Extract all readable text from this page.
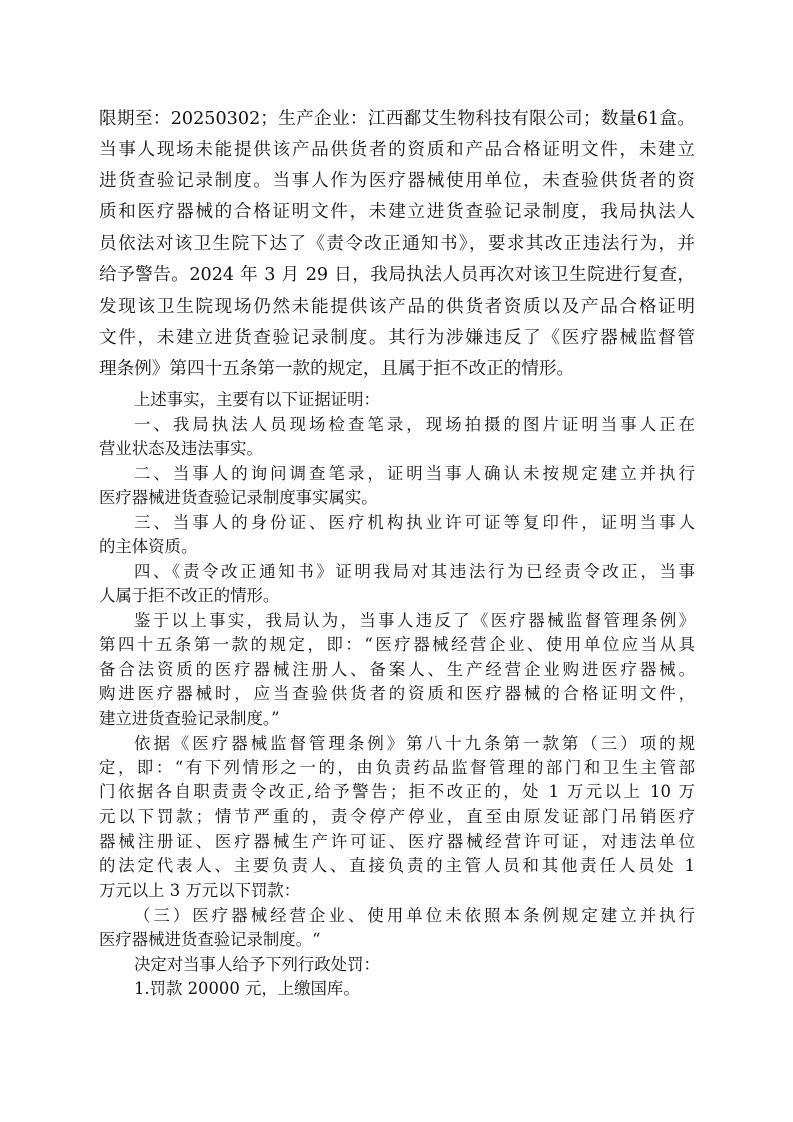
限期至：20250302；生产企业：江西鄱艾生物科技有限公司；数量61盒。
当事人现场未能提供该产品供货者的资质和产品合格证明文件，未建立
进货查验记录制度。当事人作为医疗器械使用单位，未查验供货者的资
质和医疗器械的合格证明文件，未建立进货查验记录制度，我局执法人
员依法对该卫生院下达了《责令改正通知书》，要求其改正违法行为，并
给予警告。2024 年 3 月 29 日，我局执法人员再次对该卫生院进行复查，
发现该卫生院现场仍然未能提供该产品的供货者资质以及产品合格证明
文件，未建立进货查验记录制度。其行为涉嫌违反了《医疗器械监督管
理条例》第四十五条第一款的规定，且属于拒不改正的情形。
上述事实，主要有以下证据证明：
一、我局执法人员现场检查笔录，现场拍摄的图片证明当事人正在
营业状态及违法事实。
二、当事人的询问调查笔录，证明当事人确认未按规定建立并执行
医疗器械进货查验记录制度事实属实。
三、当事人的身份证、医疗机构执业许可证等复印件，证明当事人
的主体资质。
四、《责令改正通知书》证明我局对其违法行为已经责令改正，当事
人属于拒不改正的情形。
鉴于以上事实，我局认为，当事人违反了《医疗器械监督管理条例》
第四十五条第一款的规定，即：“医疗器械经营企业、使用单位应当从具
备合法资质的医疗器械注册人、备案人、生产经营企业购进医疗器械。
购进医疗器械时，应当查验供货者的资质和医疗器械的合格证明文件，
建立进货查验记录制度。”
依据《医疗器械监督管理条例》第八十九条第一款第（三）项的规
定，即：“有下列情形之一的，由负责药品监督管理的部门和卫生主管部
门依据各自职责责令改正,给予警告；拒不改正的，处 1 万元以上 10 万
元以下罚款；情节严重的，责令停产停业，直至由原发证部门吊销医疗
器械注册证、医疗器械生产许可证、医疗器械经营许可证，对违法单位
的法定代表人、主要负责人、直接负责的主管人员和其他责任人员处 1
万元以上 3 万元以下罚款：
（三）医疗器械经营企业、使用单位未依照本条例规定建立并执行
医疗器械进货查验记录制度。“
决定对当事人给予下列行政处罚：
1.罚款 20000 元，上缴国库。
